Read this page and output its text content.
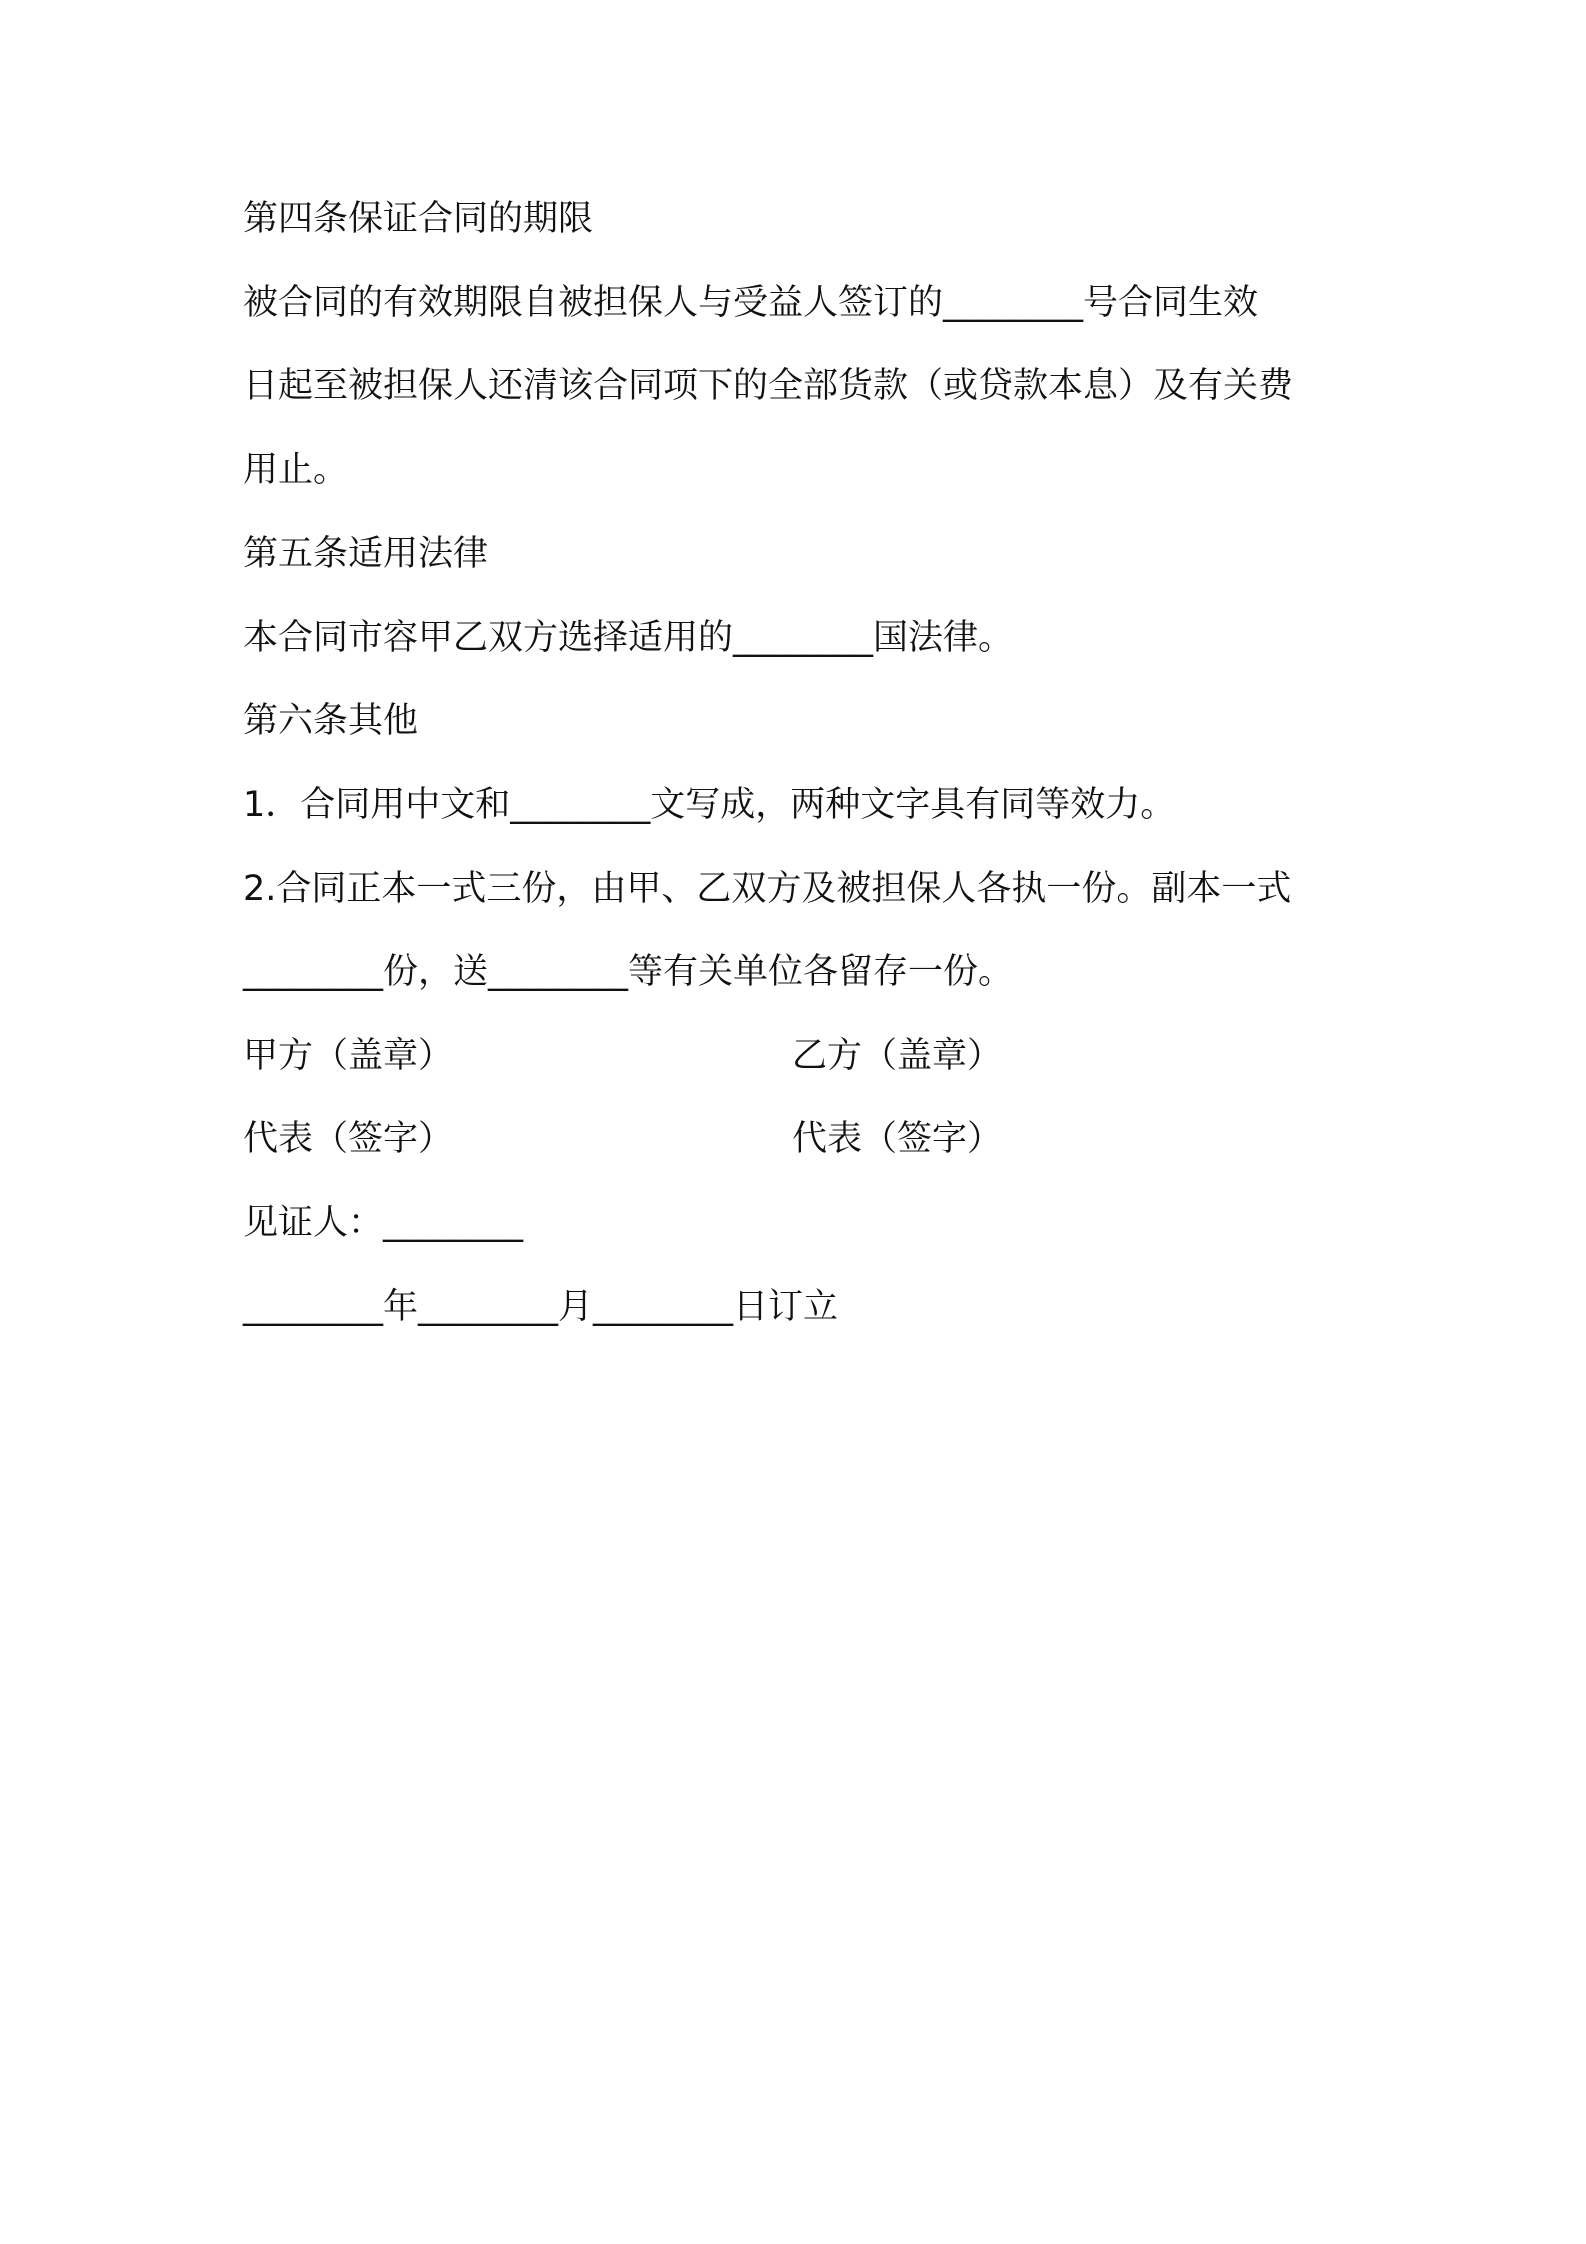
第四条保证合同的期限

被合同的有效期限自被担保人与受益人签订的________号合同生效

日起至被担保人还清该合同项下的全部货款（或贷款本息）及有关费

用止。

第五条适用法律

本合同市容甲乙双方选择适用的________国法律。

第六条其他

1．合同用中文和________文写成，两种文字具有同等效力。

2.合同正本一式三份，由甲、乙双方及被担保人各执一份。副本一式

________份，送________等有关单位各留存一份。

甲方（盖章）	乙方（盖章）
代表（签字）	代表（签字）

见证人：________

________年________月________日订立
